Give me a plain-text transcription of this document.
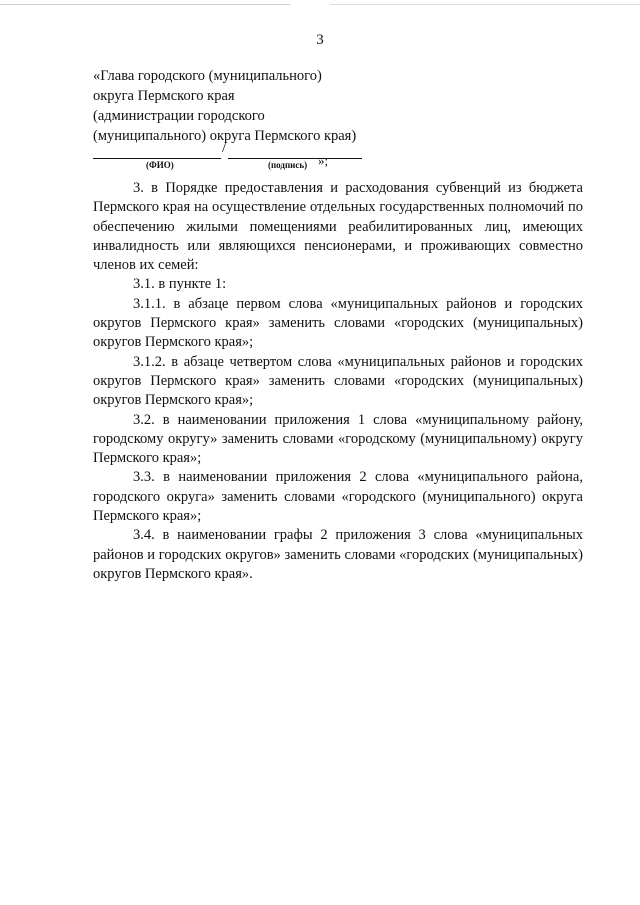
3
«Глава городского (муниципального)
округа Пермского края
(администрации городского
(муниципального) округа Пермского края)
/
(ФИО)	(подпись) »;

3. в Порядке предоставления и расходования субвенций из бюджета Пермского края на осуществление отдельных государственных полномочий по обеспечению жилыми помещениями реабилитированных лиц, имеющих инвалидность или являющихся пенсионерами, и проживающих совместно членов их семей:

3.1. в пункте 1:

3.1.1. в абзаце первом слова «муниципальных районов и городских округов Пермского края» заменить словами «городских (муниципальных) округов Пермского края»;

3.1.2. в абзаце четвертом слова «муниципальных районов и городских округов Пермского края» заменить словами «городских (муниципальных) округов Пермского края»;

3.2. в наименовании приложения 1 слова «муниципальному району, городскому округу» заменить словами «городскому (муниципальному) округу Пермского края»;

3.3. в наименовании приложения 2 слова «муниципального района, городского округа» заменить словами «городского (муниципального) округа Пермского края»;

3.4. в наименовании графы 2 приложения 3 слова «муниципальных районов и городских округов» заменить словами «городских (муниципальных) округов Пермского края».
